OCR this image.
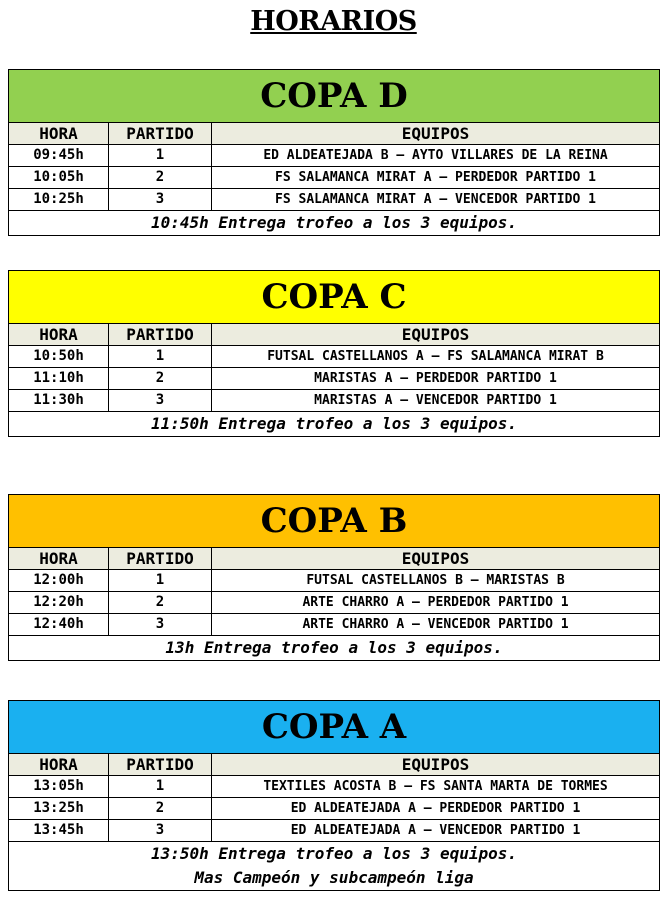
HORARIOS
COPA D		
HORA	PARTIDO	EQUIPOS
09:45h	1	ED ALDEATEJADA B – AYTO VILLARES DE LA REINA
10:05h	2	FS SALAMANCA MIRAT A – PERDEDOR PARTIDO 1
10:25h	3	FS SALAMANCA MIRAT A – VENCEDOR PARTIDO 1

10:45h Entrega trofeo a los 3 equipos.		
COPA C		
HORA	PARTIDO	EQUIPOS
10:50h	1	FUTSAL CASTELLANOS A – FS SALAMANCA MIRAT B
11:10h	2	MARISTAS A – PERDEDOR PARTIDO 1
11:30h	3	MARISTAS A – VENCEDOR PARTIDO 1

11:50h Entrega trofeo a los 3 equipos.		
COPA B		
HORA	PARTIDO	EQUIPOS
12:00h	1	FUTSAL CASTELLANOS B – MARISTAS B
12:20h	2	ARTE CHARRO A – PERDEDOR PARTIDO 1
12:40h	3	ARTE CHARRO A – VENCEDOR PARTIDO 1

13h Entrega trofeo a los 3 equipos.		
COPA A		
HORA	PARTIDO	EQUIPOS
13:05h	1	TEXTILES ACOSTA B – FS SANTA MARTA DE TORMES
13:25h	2	ED ALDEATEJADA A – PERDEDOR PARTIDO 1
13:45h	3	ED ALDEATEJADA A – VENCEDOR PARTIDO 1

13:50h Entrega trofeo a los 3 equipos.
Mas Campeón y subcampeón liga		
